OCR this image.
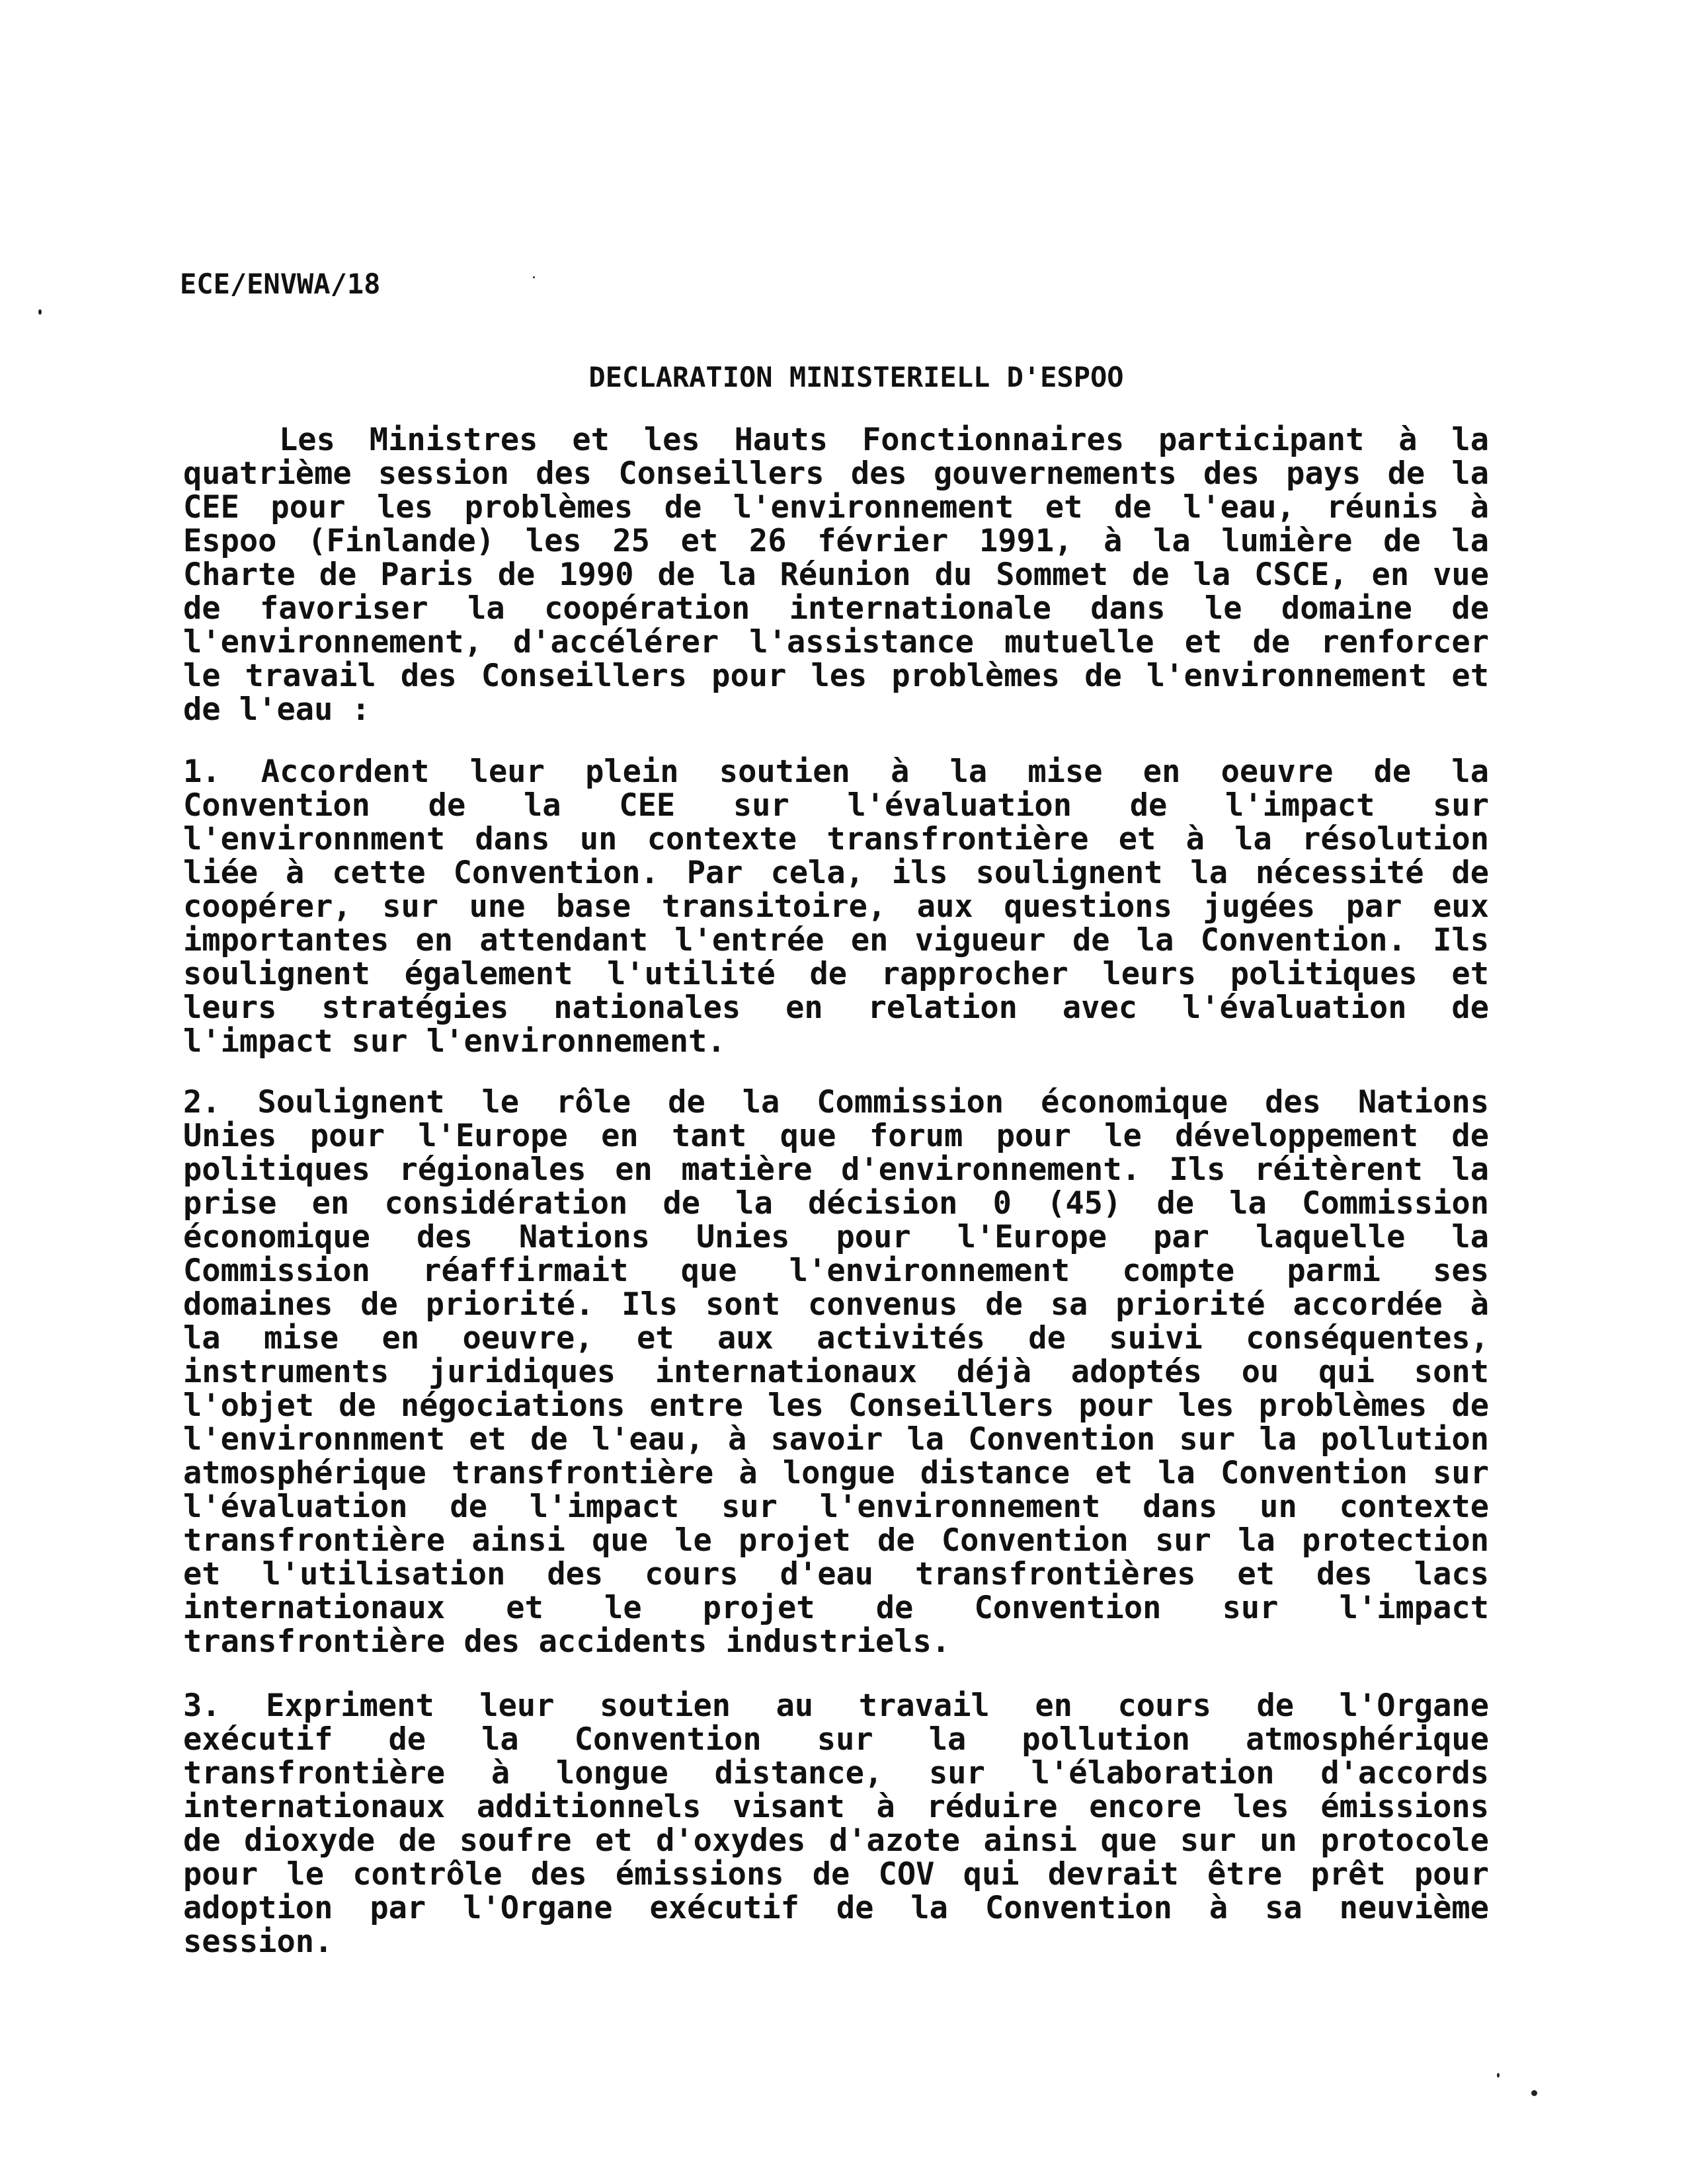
ECE/ENVWA/18
DECLARATION MINISTERIELL D'ESPOO
Les Ministres et les Hauts Fonctionnaires participant à la
quatrième session des Conseillers des gouvernements des pays de la
CEE pour les problèmes de l'environnement et de l'eau, réunis à
Espoo (Finlande) les 25 et 26 février 1991, à la lumière de la
Charte de Paris de 1990 de la Réunion du Sommet de la CSCE, en vue
de favoriser la coopération internationale dans le domaine de
l'environnement, d'accélérer l'assistance mutuelle et de renforcer
le travail des Conseillers pour les problèmes de l'environnement et
de l'eau :
1. Accordent leur plein soutien à la mise en oeuvre de la
Convention de la CEE sur l'évaluation de l'impact sur
l'environnment dans un contexte transfrontière et à la résolution
liée à cette Convention. Par cela, ils soulignent la nécessité de
coopérer, sur une base transitoire, aux questions jugées par eux
importantes en attendant l'entrée en vigueur de la Convention. Ils
soulignent également l'utilité de rapprocher leurs politiques et
leurs stratégies nationales en relation avec l'évaluation de
l'impact sur l'environnement.
2. Soulignent le rôle de la Commission économique des Nations
Unies pour l'Europe en tant que forum pour le développement de
politiques régionales en matière d'environnement. Ils réitèrent la
prise en considération de la décision 0 (45) de la Commission
économique des Nations Unies pour l'Europe par laquelle la
Commission réaffirmait que l'environnement compte parmi ses
domaines de priorité. Ils sont convenus de sa priorité accordée à
la mise en oeuvre, et aux activités de suivi conséquentes,
instruments juridiques internationaux déjà adoptés ou qui sont
l'objet de négociations entre les Conseillers pour les problèmes de
l'environnment et de l'eau, à savoir la Convention sur la pollution
atmosphérique transfrontière à longue distance et la Convention sur
l'évaluation de l'impact sur l'environnement dans un contexte
transfrontière ainsi que le projet de Convention sur la protection
et l'utilisation des cours d'eau transfrontières et des lacs
internationaux et le projet de Convention sur l'impact
transfrontière des accidents industriels.
3. Expriment leur soutien au travail en cours de l'Organe
exécutif de la Convention sur la pollution atmosphérique
transfrontière à longue distance, sur l'élaboration d'accords
internationaux additionnels visant à réduire encore les émissions
de dioxyde de soufre et d'oxydes d'azote ainsi que sur un protocole
pour le contrôle des émissions de COV qui devrait être prêt pour
adoption par l'Organe exécutif de la Convention à sa neuvième
session.
